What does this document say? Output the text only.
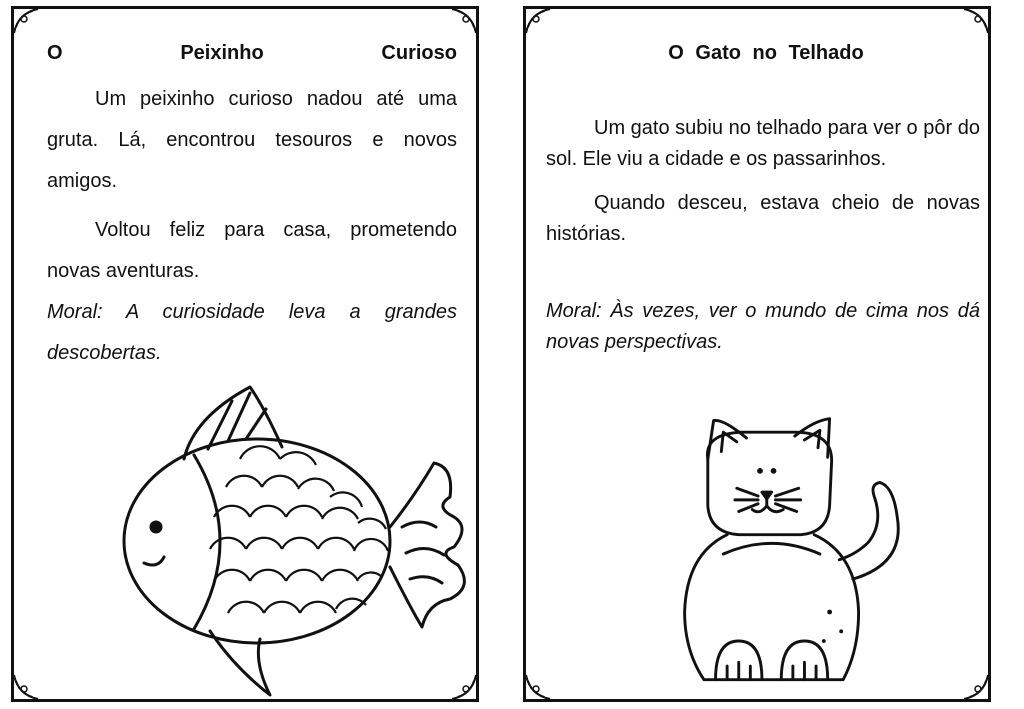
O	Peixinho	Curioso

Um peixinho curioso nadou até uma gruta. Lá, encontrou tesouros e novos amigos.

Voltou feliz para casa, prometendo novas aventuras.

Moral: A curiosidade leva a grandes descobertas.

O Gato no Telhado

Um gato subiu no telhado para ver o pôr do sol. Ele viu a cidade e os passarinhos.

Quando desceu, estava cheio de novas histórias.

Moral: Às vezes, ver o mundo de cima nos dá novas perspectivas.
